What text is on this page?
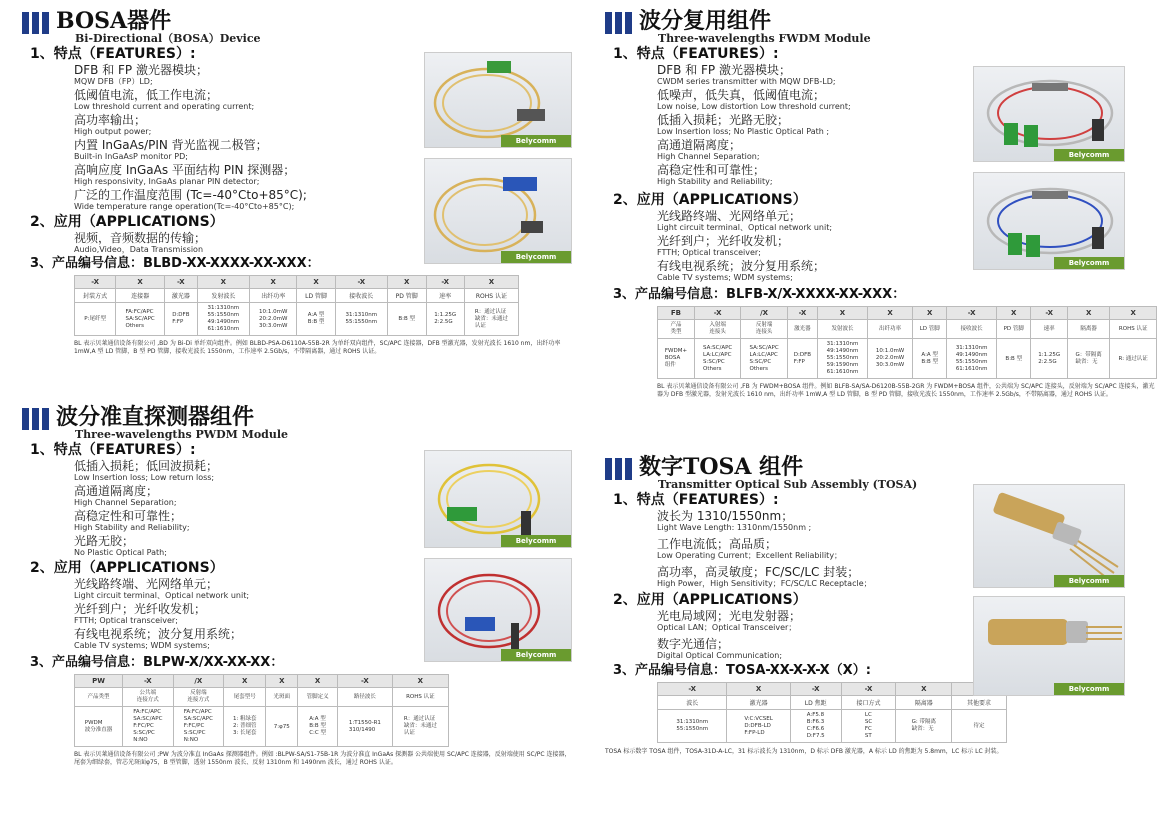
BOSA器件
Bi-Directional（BOSA）Device
1、特点（FEATURES）:
DFB 和 FP 激光器模块；
MQW DFB（FP）LD;
低阈值电流，低工作电流；
Low threshold current and operating current;
高功率输出；
High output power;
内置 InGaAs/PIN 背光监视二极管；
Built-in InGaAsP monitor PD;
高响应度 InGaAs 平面结构 PIN 探测器；
High responsivity, InGaAs planar PIN detector;
广泛的工作温度范围 (Tc=-40°Cto+85°C);
Wide temperature range operation(Tc=-40°Cto+85°C);
2、应用（APPLICATIONS）
视频，音频数据的传输；
Audio,Video，Data Transmission
3、产品编号信息：BLBD-XX-XXXX-XX-XXX：
-X	X	-X	X	X	X	-X	X	-X	X
封装方式	连接器	激光器	发射波长	出纤功率	LD 管脚	接收波长	PD 管脚	速率	ROHS 认证
P:尾纤型	FA:FC/APC
SA:SC/APC
Others	D:DFB
F:FP	31:1310nm
55:1550nm
49:1490nm
61:1610nm	10:1.0mW
20:2.0mW
30:3.0mW	A:A 型
B:B 型	31:1310nm
55:1550nm	B:B 型	1:1.25G
2:2.5G	R：通过认证
缺省：未通过
认证
BL 表示贝莱通信设备有限公司 ,BD 为 Bi-Di 单纤双向组件。例如 BLBD-PSA-D6110A-55B-2R 为单纤双向组件，SC/APC 连接器，DFB 型激光器，发射光波长 1610 nm，出纤功率 1mW,A 型 LD 管脚，B 型 PD 管脚，接收光波长 1550nm，工作速率 2.5Gb/s，不带隔离器，通过 ROHS 认证。
Belycomm
Belycomm
波分准直探测器组件
Three-wavelengths PWDM Module
1、特点（FEATURES）:
低插入损耗；低回波损耗；
Low Insertion loss; Low return loss;
高通道隔离度；
High Channel Separation;
高稳定性和可靠性；
High Stability and Reliability;
光路无胶；
No Plastic Optical Path;
2、应用（APPLICATIONS）
光线路终端、光网络单元；
Light circuit terminal、Optical network unit;
光纤到户；光纤收发机；
FTTH; Optical transceiver;
有线电视系统；波分复用系统；
Cable TV systems; WDM systems;
3、产品编号信息：BLPW-X/XX-XX-XX：
PW	-X	/X	X	X	X	-X	X
产品类型	公共端
连接方式	反射端
连接方式	尾套型号	光斑面	管脚定义	路径波长	ROHS 认证
PWDM
波分准直器	FA:FC/APC
SA:SC/APC
F:FC/PC
S:SC/PC
N:NO	FA:FC/APC
SA:SC/APC
F:FC/PC
S:SC/PC
N:NO	1: 粗绿套
2: 普细管
3: 长尾套	7:φ75	A:A 型
B:B 型
C:C 型	1:T1550-R1
310/1490	R：通过认证
缺省：未通过
认证
BL 表示贝莱通信设备有限公司 ;PW 为波分准直 InGaAs 探测器组件。例如 :BLPW-SA/S1-75B-1R 为波分准直 InGaAs 探测器 公共端使用 SC/APC 连接器，反射端使用 SC/PC 连接器，尾套为细绿套，管芯光斑面φ75，B 型管脚，透射 1550nm 波长、反射 1310nm 和 1490nm 波长，通过 ROHS 认证。
Belycomm
Belycomm
波分复用组件
Three-wavelengths FWDM Module
1、特点（FEATURES）:
DFB 和 FP 激光器模块；
CWDM series transmitter with MQW DFB-LD;
低噪声，低失真，低阈值电流；
Low noise, Low distortion Low threshold current;
低插入损耗；光路无胶；
Low Insertion loss; No Plastic Optical Path ;
高通道隔离度；
High Channel Separation;
高稳定性和可靠性；
High Stability and Reliability;
2、应用（APPLICATIONS）
光线路终端、光网络单元；
Light circuit terminal、Optical network unit;
光纤到户；光纤收发机；
FTTH; Optical transceiver;
有线电视系统；波分复用系统；
Cable TV systems; WDM systems;
3、产品编号信息：BLFB-X/X-XXXX-XX-XXX：
FB	-X	/X	-X	X	X	X	-X	X	-X	X	X
产品
类型	入射端
连接头	反射端
连接头	激光器	发射波长	出纤功率	LD 管脚	接收波长	PD 管脚	速率	隔离器	ROHS 认证
FWDM+
BOSA
组件	SA:SC/APC
LA:LC/APC
S:SC/PC
Others	SA:SC/APC
LA:LC/APC
S:SC/PC
Others	D:DFB
F:FP	31:1310nm
49:1490nm
55:1550nm
59:1590nm
61:1610nm	10:1.0mW
20:2.0mW
30:3.0mW	A:A 型
B:B 型	31:1310nm
49:1490nm
55:1550nm
61:1610nm	B:B 型	1:1.25G
2:2.5G	G：带隔离
缺省：无	R: 通过认证
BL 表示贝莱通信设备有限公司 ,FB 为 FWDM+BOSA 组件。例如 BLFB-SA/SA-D6120B-55B-2GR 为 FWDM+BOSA 组件，公共端为 SC/APC 连接头，反射端为 SC/APC 连接头，激光器为 DFB 型激光器，发射光波长 1610 nm，出纤功率 1mW,A 型 LD 管脚，B 型 PD 管脚，接收光波长 1550nm，工作速率 2.5Gb/s，不带隔离器，通过 ROHS 认证。
Belycomm
Belycomm
数字TOSA 组件
Transmitter Optical Sub Assembly (TOSA)
1、特点（FEATURES）:
波长为 1310/1550nm；
Light Wave Length: 1310nm/1550nm ;
工作电流低；高品质；
Low Operating Current；Excellent Reliability；
高功率，高灵敏度；FC/SC/LC 封装；
High Power，High Sensitivity；FC/SC/LC Receptacle；
2、应用（APPLICATIONS）
光电局域网；光电发射器；
Optical LAN；Optical Transceiver；
数字光通信；
Digital Optical Communication;
3、产品编号信息：TOSA-XX-X-X-X（X）:
-X	X	-X	-X	X	
波长	激光器	LD 焦距	接口方式	隔离器	其他要求
31:1310nm
55:1550nm	V:C:VCSEL
D:DFB-LD
F:FP-LD	A:F5.8
B:F6.3
C:F6.6
D:F7.5	LC
SC
FC
ST	G: 带隔离
缺省：无	待定
TOSA 标示数字 TOSA 组件，TOSA-31D-A-LC，31 标示波长为 1310nm，D 标示 DFB 激光器，A 标示 LD 的焦距为 5.8mm，LC 标示 LC 封装。
Belycomm
Belycomm
